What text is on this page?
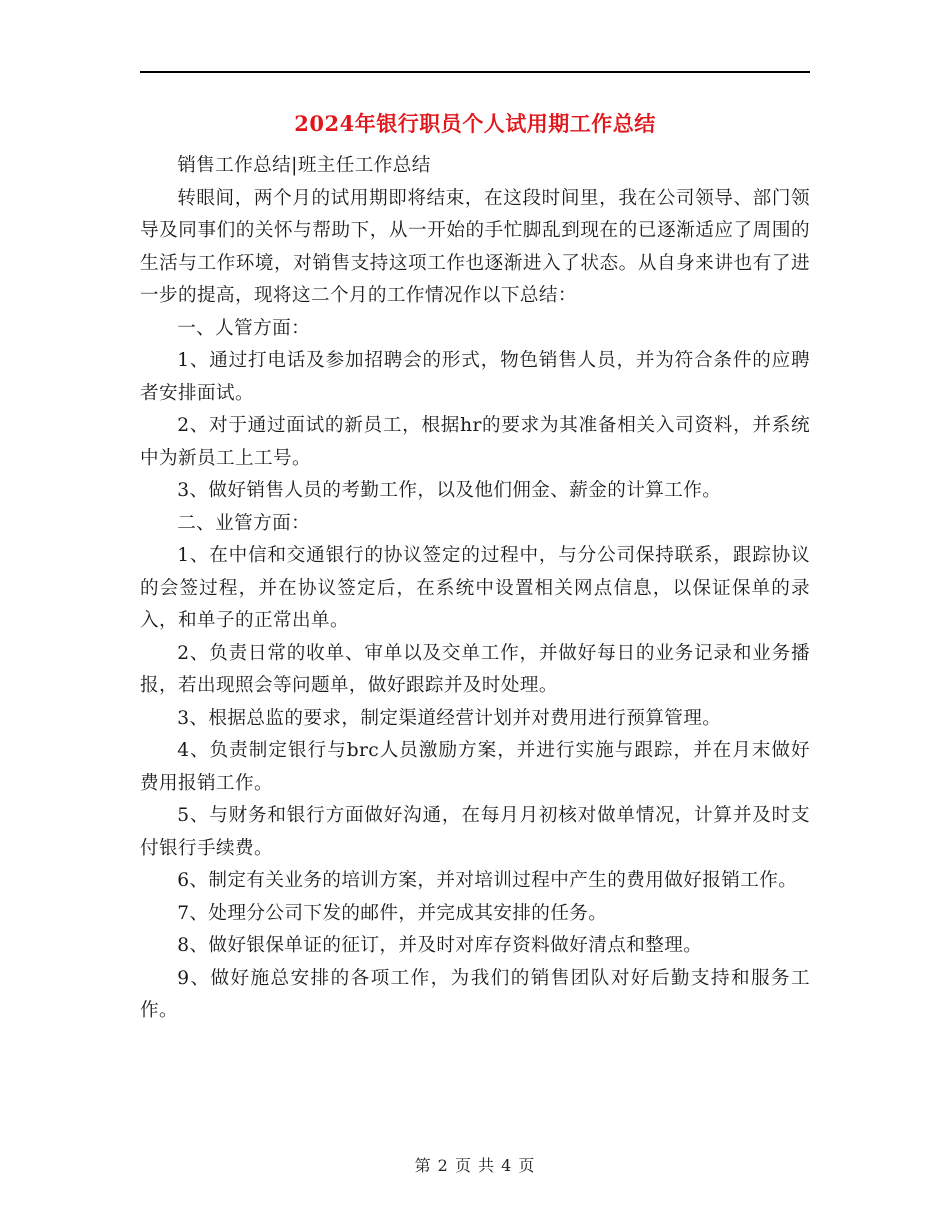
2024年银行职员个人试用期工作总结

销售工作总结|班主任工作总结

转眼间，两个月的试用期即将结束，在这段时间里，我在公司领导、部门领导及同事们的关怀与帮助下，从一开始的手忙脚乱到现在的已逐渐适应了周围的生活与工作环境，对销售支持这项工作也逐渐进入了状态。从自身来讲也有了进一步的提高，现将这二个月的工作情况作以下总结：

一、人管方面：

1、通过打电话及参加招聘会的形式，物色销售人员，并为符合条件的应聘者安排面试。

2、对于通过面试的新员工，根据hr的要求为其准备相关入司资料，并系统中为新员工上工号。

3、做好销售人员的考勤工作，以及他们佣金、薪金的计算工作。

二、业管方面：

1、在中信和交通银行的协议签定的过程中，与分公司保持联系，跟踪协议的会签过程，并在协议签定后，在系统中设置相关网点信息，以保证保单的录入，和单子的正常出单。

2、负责日常的收单、审单以及交单工作，并做好每日的业务记录和业务播报，若出现照会等问题单，做好跟踪并及时处理。

3、根据总监的要求，制定渠道经营计划并对费用进行预算管理。

4、负责制定银行与brc人员激励方案，并进行实施与跟踪，并在月末做好费用报销工作。

5、与财务和银行方面做好沟通，在每月月初核对做单情况，计算并及时支付银行手续费。

6、制定有关业务的培训方案，并对培训过程中产生的费用做好报销工作。

7、处理分公司下发的邮件，并完成其安排的任务。

8、做好银保单证的征订，并及时对库存资料做好清点和整理。

9、做好施总安排的各项工作，为我们的销售团队对好后勤支持和服务工作。

第 2 页 共 4 页
